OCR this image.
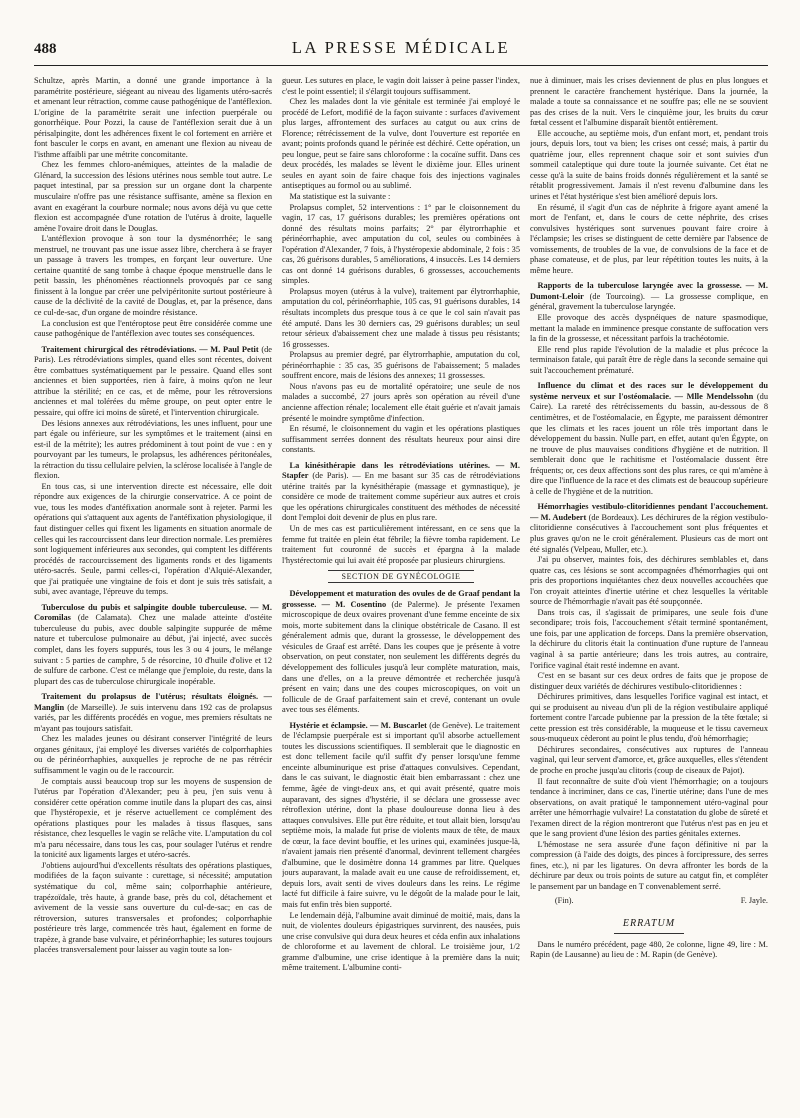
488	LA PRESSE MÉDICALE

Schultze, après Martin, a donné une grande importance à la paramétrite postérieure, siégeant au niveau des ligaments utéro-sacrés et amenant leur rétraction, comme cause pathogénique de l'antéflexion. L'origine de la paramétrite serait une infection puerpérale ou gonorrhéique. Pour Pozzi, la cause de l'antéflexion serait due à un périsalpingite, dont les adhérences fixent le col fortement en arrière et font basculer le corps en avant, en amenant une flexion au niveau de l'isthme affaibli par une métrite concomitante.

Chez les femmes chloro-anémiques, atteintes de la maladie de Glénard, la succession des lésions utérines nous semble tout autre. Le paquet intestinal, par sa pression sur un organe dont la charpente musculaire n'offre pas une résistance suffisante, amène sa flexion en avant en exagérant la courbure normale; nous avons déjà vu que cette flexion est accompagnée d'une rotation de l'utérus à droite, laquelle amène l'ovaire droit dans le Douglas.

L'antéflexion provoque à son tour la dysménorrhée; le sang menstruel, ne trouvant pas une issue assez libre, cherchera à se frayer un passage à travers les trompes, en forçant leur ouverture. Une certaine quantité de sang tombe à chaque époque menstruelle dans le petit bassin, les phénomènes réactionnels provoqués par ce sang finissent à la longue par créer une pelvipéritonite surtout postérieure à cause de la déclivité de la cavité de Douglas, et, par la présence, dans ce cul-de-sac, d'un organe de moindre résistance.

La conclusion est que l'entéroptose peut être considérée comme une cause pathogénique de l'antéflexion avec toutes ses conséquences.

Traitement chirurgical des rétrodéviations. — M. Paul Petit (de Paris). Les rétrodéviations simples, quand elles sont récentes, doivent être combattues systématiquement par le pessaire. Quand elles sont anciennes et bien supportées, rien à faire, à moins qu'on ne leur attribue la stérilité; en ce cas, et de même, pour les rétroversions anciennes et mal tolérées du même groupe, on peut opter entre le pessaire, qui offre ici moins de sûreté, et l'intervention chirurgicale.

Des lésions annexes aux rétrodéviations, les unes influent, pour une part égale ou inférieure, sur les symptômes et le traitement (ainsi en est-il de la métrite); les autres prédominent à tout point de vue : en y pourvoyant par les tumeurs, le prolapsus, les adhérences péritonéales, la rétraction du tissu cellulaire pelvien, la sclérose localisée à l'angle de flexion.

En tous cas, si une intervention directe est nécessaire, elle doit répondre aux exigences de la chirurgie conservatrice. A ce point de vue, tous les modes d'antéfixation anormale sont à rejeter. Parmi les opérations qui s'attaquent aux agents de l'antéfixation physiologique, il faut distinguer celles qui fixent les ligaments en situation anormale de celles qui les raccourcissent dans leur direction normale. Les premières sont logiquement inférieures aux secondes, qui comptent les différents procédés de raccourcissement des ligaments ronds et des ligaments utéro-sacrés. Seule, parmi celles-ci, l'opération d'Alquié-Alexander, que j'ai pratiquée une vingtaine de fois et dont je suis très satisfait, a subi, avec avantage, l'épreuve du temps.

Tuberculose du pubis et salpingite double tuberculeuse. — M. Coromilas (de Calamata). Chez une malade atteinte d'ostéite tuberculeuse du pubis, avec double salpingite suppurée de même nature et tuberculose pulmonaire au début, j'ai injecté, avec succès complet, dans les foyers suppurés, tous les 3 ou 4 jours, le mélange suivant : 5 parties de camphre, 5 de résorcine, 10 d'huile d'olive et 12 de sulfure de carbone. C'est ce mélange que j'emploie, du reste, dans la plupart des cas de tuberculose chirurgicale inopérable.

Traitement du prolapsus de l'utérus; résultats éloignés. — Manglin (de Marseille). Je suis intervenu dans 192 cas de prolapsus variés, par les différents procédés en vogue, mes premiers résultats ne m'ayant pas toujours satisfait.

Chez les malades jeunes ou désirant conserver l'intégrité de leurs organes génitaux, j'ai employé les diverses variétés de colporrhaphies ou de périnéorrhaphies, auxquelles je reproche de ne pas rétrécir suffisamment le vagin ou de le raccourcir.

Je comptais aussi beaucoup trop sur les moyens de suspension de l'utérus par l'opération d'Alexander; peu à peu, j'en suis venu à considérer cette opération comme inutile dans la plupart des cas, ainsi que l'hystéropexie, et je réserve actuellement ce complément des opérations plastiques pour les malades à tissus flasques, sans résistance, chez lesquelles le vagin se relâche vite. L'amputation du col m'a paru nécessaire, dans tous les cas, pour soulager l'utérus et rendre la tonicité aux ligaments larges et utéro-sacrés.

J'obtiens aujourd'hui d'excellents résultats des opérations plastiques, modifiées de la façon suivante : curettage, si nécessité; amputation systématique du col, même sain; colporrhaphie antérieure, trapézoïdale, très haute, à grande base, près du col, détachement et avivement de la vessie sans ouverture du cul-de-sac; en cas de rétroversion, sutures transversales et profondes; colporrhaphie postérieure très large, commencée très haut, également en forme de trapèze, à grande base vulvaire, et périnéorrhaphie; les sutures toujours placées transversalement pour laisser au vagin toute sa lon-

gueur. Les sutures en place, le vagin doit laisser à peine passer l'index, c'est le point essentiel; il s'élargit toujours suffisamment.

Chez les malades dont la vie génitale est terminée j'ai employé le procédé de Lefort, modifié de la façon suivante : surfaces d'avivement plus larges, affrontement des surfaces au catgut ou aux crins de Florence; rétrécissement de la vulve, dont l'ouverture est reportée en avant; points profonds quand le périnée est déchiré. Cette opération, un peu longue, peut se faire sans chloroforme : la cocaïne suffit. Dans ces deux procédés, les malades se lèvent le dixième jour. Elles urinent seules en ayant soin de faire chaque fois des injections vaginales antiseptiques au formol ou au sublimé.

Ma statistique est la suivante :

Prolapsus complet, 52 interventions : 1° par le cloisonnement du vagin, 17 cas, 17 guérisons durables; les premières opérations ont donné des résultats moins parfaits; 2° par élytrorrhaphie et périnéorrhaphie, avec amputation du col, seules ou combinées à l'opération d'Alexander, 7 fois, à l'hystéropexie abdominale, 2 fois : 35 cas, 26 guérisons durables, 5 améliorations, 4 insuccès. Les 14 derniers cas ont donné 14 guérisons durables, 6 grossesses, accouchements simples.

Prolapsus moyen (utérus à la vulve), traitement par élytrorrhaphie, amputation du col, périnéorrhaphie, 105 cas, 91 guérisons durables, 14 résultats incomplets dus presque tous à ce que le col sain n'avait pas été amputé. Dans les 30 derniers cas, 29 guérisons durables; un seul retour sérieux d'abaissement chez une malade à tissus peu résistants; 16 grossesses.

Prolapsus au premier degré, par élytrorrhaphie, amputation du col, périnéorrhaphie : 35 cas, 35 guérisons de l'abaissement; 5 malades souffrent encore, mais de lésions des annexes; 11 grossesses.

Nous n'avons pas eu de mortalité opératoire; une seule de nos malades a succombé, 27 jours après son opération au réveil d'une ancienne affection rénale; localement elle était guérie et n'avait jamais présenté le moindre symptôme d'infection.

En résumé, le cloisonnement du vagin et les opérations plastiques suffisamment serrées donnent des résultats heureux pour ainsi dire constants.

La kinésithérapie dans les rétrodéviations utérines. — M. Stapfer (de Paris). — En me basant sur 35 cas de rétrodéviations utérine traités par la kynésithérapie (massage et gymnastique), je considère ce mode de traitement comme supérieur aux autres et crois que les opérations chirurgicales constituent des méthodes de nécessité dont l'emploi doit devenir de plus en plus rare.

Un de mes cas est particulièrement intéressant, en ce sens que la femme fut traitée en plein état fébrile; la fièvre tomba rapidement. Le traitement fut couronné de succès et épargna à la malade l'hystérectomie qui lui avait été proposée par plusieurs chirurgiens.

SECTION DE GYNÉCOLOGIE

Développement et maturation des ovules de de Graaf pendant la grossesse. — M. Cosentino (de Palerme). Je présente l'examen microscopique de deux ovaires provenant d'une femme enceinte de six mois, morte subitement dans la clinique obstétricale de Casano. Il est généralement admis que, durant la grossesse, le développement des vésicules de Graaf est arrêté. Dans les coupes que je présente à votre observation, on peut constater, non seulement les différents degrés du développement des follicules jusqu'à leur complète maturation, mais, dans une d'elles, on a la preuve démontrée et recherchée jusqu'à présent en vain; dans une des coupes microscopiques, on voit un follicule de de Graaf parfaitement sain et crevé, contenant un ovule avec tous ses éléments.

Hystérie et éclampsie. — M. Buscarlet (de Genève). Le traitement de l'éclampsie puerpérale est si important qu'il absorbe actuellement toutes les discussions scientifiques. Il semblerait que le diagnostic en est donc tellement facile qu'il suffit d'y penser lorsqu'une femme enceinte albuminurique est prise d'attaques convulsives. Cependant, dans le cas suivant, le diagnostic était bien embarrassant : chez une femme, âgée de vingt-deux ans, et qui avait présenté, quatre mois auparavant, des signes d'hystérie, il se déclara une grossesse avec rétroflexion utérine, dont la phase douloureuse donna lieu à des attaques convulsives. Elle put être réduite, et tout allait bien, lorsqu'au septième mois, la malade fut prise de violents maux de tête, de maux de cœur, la face devint bouffie, et les urines qui, examinées jusque-là, n'avaient jamais rien présenté d'anormal, devinrent tellement chargées d'albumine, que le dosimètre donna 14 grammes par litre. Quelques jours auparavant, la malade avait eu une cause de refroidissement, et, depuis lors, avait senti de vives douleurs dans les reins. Le régime lacté fut difficile à faire suivre, vu le dégoût de la malade pour le lait, mais fut enfin très bien supporté.

Le lendemain déjà, l'albumine avait diminué de moitié, mais, dans la nuit, de violentes douleurs épigastriques survinrent, des nausées, puis une crise convulsive qui dura deux heures et céda enfin aux inhalations de chloroforme et au lavement de chloral. Le troisième jour, 1/2 gramme d'albumine, une crise identique à la première dans la nuit; même traitement. L'albumine conti-

nue à diminuer, mais les crises deviennent de plus en plus longues et prennent le caractère franchement hystérique. Dans la journée, la malade a toute sa connaissance et ne souffre pas; elle ne se souvient pas des crises de la nuit. Vers le cinquième jour, les bruits du cœur fœtal cessent et l'albumine disparaît bientôt entièrement.

Elle accouche, au septième mois, d'un enfant mort, et, pendant trois jours, depuis lors, tout va bien; les crises ont cessé; mais, à partir du quatrième jour, elles reprennent chaque soir et sont suivies d'un sommeil cataleptique qui dure toute la journée suivante. Cet état ne cesse qu'à la suite de bains froids donnés régulièrement et la santé se rétablit progressivement. Jamais il n'est revenu d'albumine dans les urines et l'état hystérique s'est bien amélioré depuis lors.

En résumé, il s'agit d'un cas de néphrite à frigore ayant amené la mort de l'enfant, et, dans le cours de cette néphrite, des crises convulsives hystériques sont survenues pouvant faire croire à l'éclampsie; les crises se distinguent de cette dernière par l'absence de vomissements, de troubles de la vue, de convulsions de la face et de phase comateuse, et de plus, par leur répétition toutes les nuits, à la même heure.

Rapports de la tuberculose laryngée avec la grossesse. — M. Dumont-Leloir (de Tourcoing). — La grossesse complique, en général, gravement la tuberculose laryngée.

Elle provoque des accès dyspnéiques de nature spasmodique, mettant la malade en imminence presque constante de suffocation vers la fin de la grossesse, et nécessitant parfois la trachéotomie.

Elle rend plus rapide l'évolution de la maladie et plus précoce la terminaison fatale, qui paraît être de règle dans la seconde semaine qui suit l'accouchement prématuré.

Influence du climat et des races sur le développement du système nerveux et sur l'ostéomalacie. — Mlle Mendelssohn (du Caire). La rareté des rétrécissements du bassin, au-dessous de 8 centimètres, et de l'ostéomalacie, en Égypte, me paraissent démontrer que les climats et les races jouent un rôle très important dans le développement du bassin. Nulle part, en effet, autant qu'en Égypte, on ne trouve de plus mauvaises conditions d'hygiène et de nutrition. Il semblerait donc que le rachitisme et l'ostéomalacie dussent être fréquents; or, ces deux affections sont des plus rares, ce qui m'amène à dire que l'influence de la race et des climats est de beaucoup supérieure à celle de l'hygiène et de la nutrition.

Hémorrhagies vestibulo-clitoridiennes pendant l'accouchement. — M. Audebert (de Bordeaux). Les déchirures de la région vestibulo-clitoridienne consécutives à l'accouchement sont plus fréquentes et plus graves qu'on ne le croit généralement. Plusieurs cas de mort ont été signalés (Velpeau, Muller, etc.).

J'ai pu observer, maintes fois, des déchirures semblables et, dans quatre cas, ces lésions se sont accompagnées d'hémorrhagies qui ont pris des proportions inquiétantes chez deux nouvelles accouchées que l'on croyait atteintes d'inertie utérine et chez lesquelles la véritable source de l'hémorrhagie n'avait pas été soupçonnée.

Dans trois cas, il s'agissait de primipares, une seule fois d'une secondipare; trois fois, l'accouchement s'était terminé spontanément, une fois, par une application de forceps. Dans la première observation, la déchirure du clitoris était la continuation d'une rupture de l'anneau vaginal à sa partie antérieure; dans les trois autres, au contraire, l'orifice vaginal était resté indemne en avant.

C'est en se basant sur ces deux ordres de faits que je propose de distinguer deux variétés de déchirures vestibulo-clitoridiennes :

Déchirures primitives, dans lesquelles l'orifice vaginal est intact, et qui se produisent au niveau d'un pli de la région vestibulaire appliqué fortement contre l'arcade pubienne par la pression de la tête fœtale; si cette pression est très considérable, la muqueuse et le tissu caverneux sous-muqueux cèderont au point le plus tendu, d'où hémorrhagie;

Déchirures secondaires, consécutives aux ruptures de l'anneau vaginal, qui leur servent d'amorce, et, grâce auxquelles, elles s'étendent de proche en proche jusqu'au clitoris (coup de ciseaux de Pajot).

Il faut reconnaître de suite d'où vient l'hémorrhagie; on a toujours tendance à incriminer, dans ce cas, l'inertie utérine; dans l'une de mes observations, on avait pratiqué le tamponnement utéro-vaginal pour arrêter une hémorrhagie vulvaire! La constatation du globe de sûreté et l'examen direct de la région montreront que l'utérus n'est pas en jeu et que le sang provient d'une lésion des parties génitales externes.

L'hémostase ne sera assurée d'une façon définitive ni par la compression (à l'aide des doigts, des pinces à forcipressure, des serres fines, etc.), ni par les ligatures. On devra affronter les bords de la déchirure par deux ou trois points de suture au catgut fin, et compléter le pansement par un bandage en T convenablement serré.

(Fin).	F. Jayle.
ERRATUM

Dans le numéro précédent, page 480, 2e colonne, ligne 49, lire : M. Rapin (de Lausanne) au lieu de : M. Rapin (de Genève).
